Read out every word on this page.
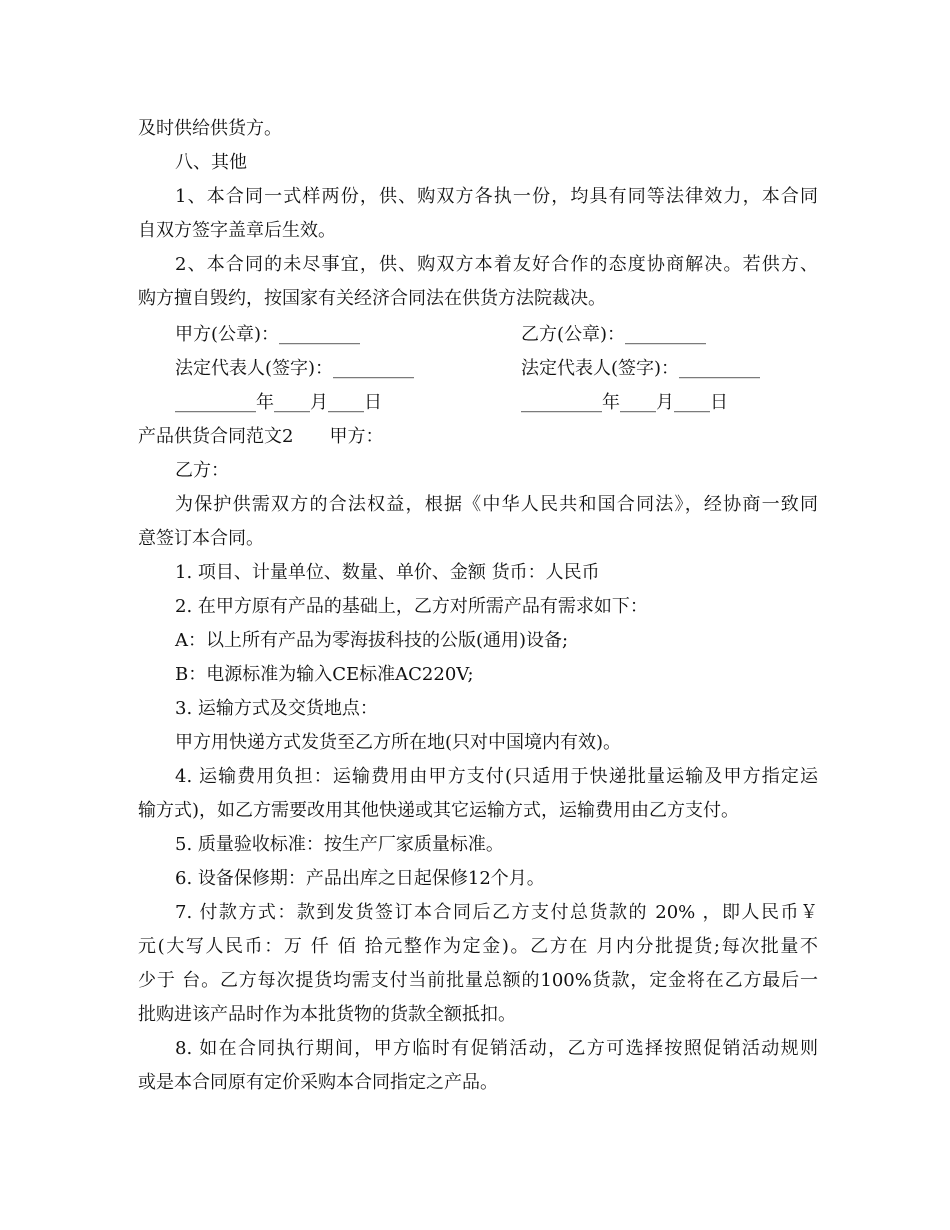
及时供给供货方。
八、其他
1、本合同一式样两份，供、购双方各执一份，均具有同等法律效力，本合同
自双方签字盖章后生效。
2、本合同的未尽事宜，供、购双方本着友好合作的态度协商解决。若供方、
购方擅自毁约，按国家有关经济合同法在供货方法院裁决。
甲方(公章)：_________	乙方(公章)：_________
法定代表人(签字)：_________	法定代表人(签字)：_________
_________年____月____日	_________年____月____日
产品供货合同范文2　　甲方：
乙方：
为保护供需双方的合法权益，根据《中华人民共和国合同法》，经协商一致同
意签订本合同。
1. 项目、计量单位、数量、单价、金额 货币：人民币
2. 在甲方原有产品的基础上，乙方对所需产品有需求如下：
A：以上所有产品为零海拔科技的公版(通用)设备;
B：电源标准为输入CE标准AC220V;
3. 运输方式及交货地点：
甲方用快递方式发货至乙方所在地(只对中国境内有效)。
4. 运输费用负担：运输费用由甲方支付(只适用于快递批量运输及甲方指定运
输方式)，如乙方需要改用其他快递或其它运输方式，运输费用由乙方支付。
5. 质量验收标准：按生产厂家质量标准。
6. 设备保修期：产品出库之日起保修12个月。
7. 付款方式：款到发货签订本合同后乙方支付总货款的 20% ，即人民币￥
元(大写人民币：万 仟 佰 拾元整作为定金)。乙方在 月内分批提货;每次批量不
少于 台。乙方每次提货均需支付当前批量总额的100%货款，定金将在乙方最后一
批购进该产品时作为本批货物的货款全额抵扣。
8. 如在合同执行期间，甲方临时有促销活动，乙方可选择按照促销活动规则
或是本合同原有定价采购本合同指定之产品。
